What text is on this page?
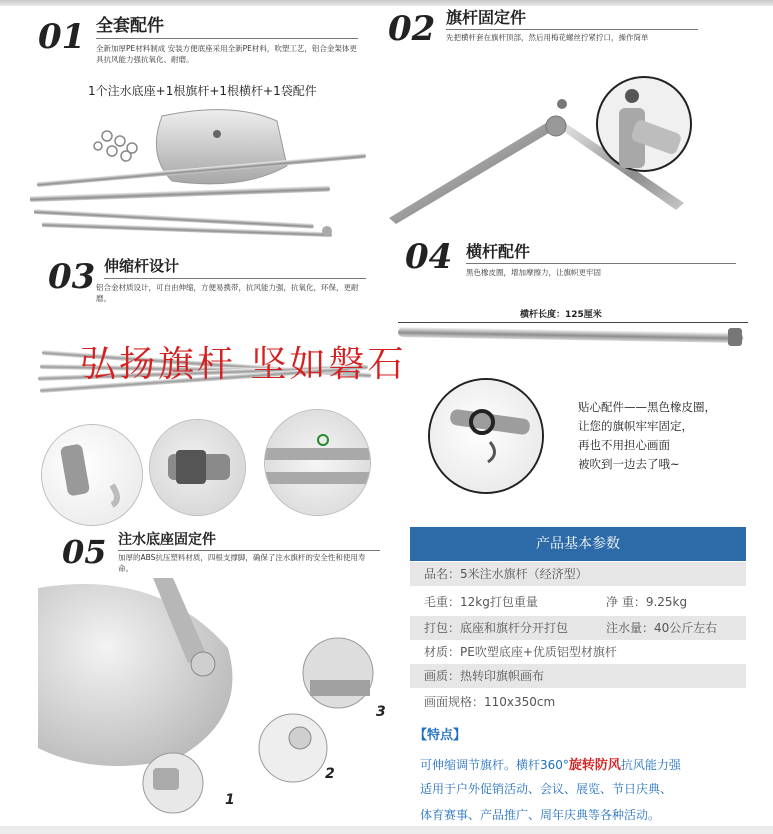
01 全套配件
全新加厚PE材料制成 安装方便底座采用全新PE材料，吹塑工艺，铝合金架体更具抗风能力强抗氧化、耐磨。
1个注水底座+1根旗杆+1根横杆+1袋配件
02 旗杆固定件
先把横杆套在旗杆顶部，然后用梅花螺丝拧紧拧口，操作简单
03 伸缩杆设计
铝合金材质设计，可自由伸缩，方便易携带，抗风能力强，抗氧化，环保，更耐磨。
弘扬旗杆 坚如磐石
04 横杆配件
黑色橡皮圈，增加摩擦力，让旗帜更牢固
横杆长度：125厘米
贴心配件——黑色橡皮圈，
让您的旗帜牢牢固定，
再也不用担心画面
被吹到一边去了哦~
05 注水底座固定件
加厚的ABS抗压塑料材质，四根支撑脚，确保了注水旗杆的安全性和使用寿命。
1
2
3
产品基本参数
品名：5米注水旗杆（经济型）
毛重：12kg打包重量	净 重：9.25kg
打包：底座和旗杆分开打包	注水量：40公斤左右
材质：PE吹塑底座+优质铝型材旗杆
画质：热转印旗帜画布
画面规格：110x350cm
【特点】
可伸缩调节旗杆。横杆360°旋转防风抗风能力强
适用于户外促销活动、会议、展览、节日庆典、
体育赛事、产品推广、周年庆典等各种活动。
